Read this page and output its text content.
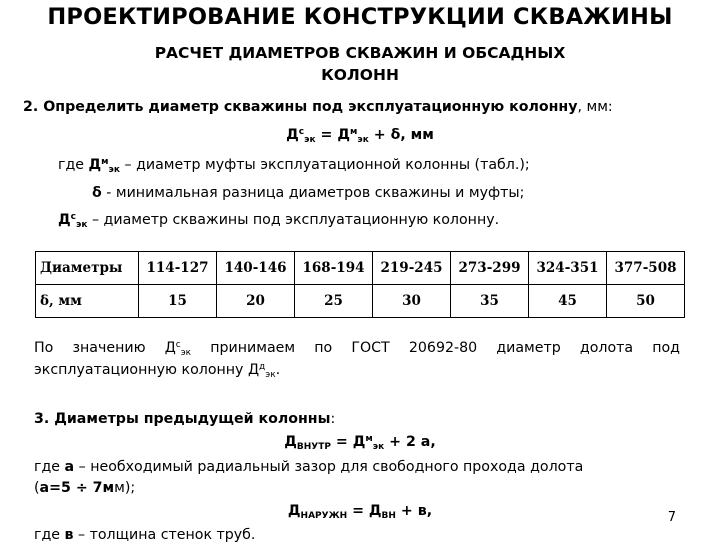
ПРОЕКТИРОВАНИЕ КОНСТРУКЦИИ СКВАЖИНЫ
РАСЧЕТ ДИАМЕТРОВ СКВАЖИН И ОБСАДНЫХ КОЛОНН
2. Определить диаметр скважины под эксплуатационную колонну, мм:
$Д^с_{эк} = Д^м_{эк} + \delta$, мм
где $Д^м_{эк}$ – диаметр муфты эксплуатационной колонны (табл.);
δ - минимальная разница диаметров скважины и муфты;
$Д^с_{эк}$ – диаметр скважины под эксплуатационную колонну.
Диаметры	114-127	140-146	168-194	219-245	273-299	324-351	377-508
δ, мм	15	20	25	30	35	45	50
По значению $Д^с_{эк}$ принимаем по ГОСТ 20692-80 диаметр долота под
эксплуатационную колонну $Д^д_{эк}$.
3. Диаметры предыдущей колонны:
$Д_{ВНУТР} = Д^м_{эк} + 2$ а,
где а – необходимый радиальный зазор для свободного прохода долота
(а=5 ÷ 7мм);
$Д_{НАРУЖН} = Д_{ВН} + в$,
где в – толщина стенок труб.
7
